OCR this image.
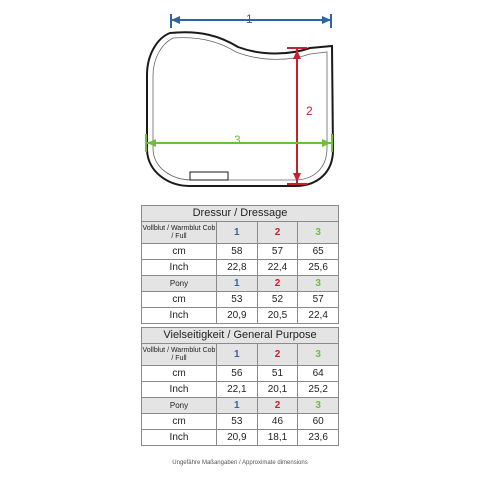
1
2
3
Dressur / Dressage			
Vollblut / Warmblut Cob / Full	1	2	3
cm	58	57	65
Inch	22,8	22,4	25,6
Pony	1	2	3
cm	53	52	57
Inch	20,9	20,5	22,4
Vielseitigkeit / General Purpose			
Vollblut / Warmblut Cob / Full	1	2	3
cm	56	51	64
Inch	22,1	20,1	25,2
Pony	1	2	3
cm	53	46	60
Inch	20,9	18,1	23,6
Ungefähre Maßangaben / Approximate dimensions
